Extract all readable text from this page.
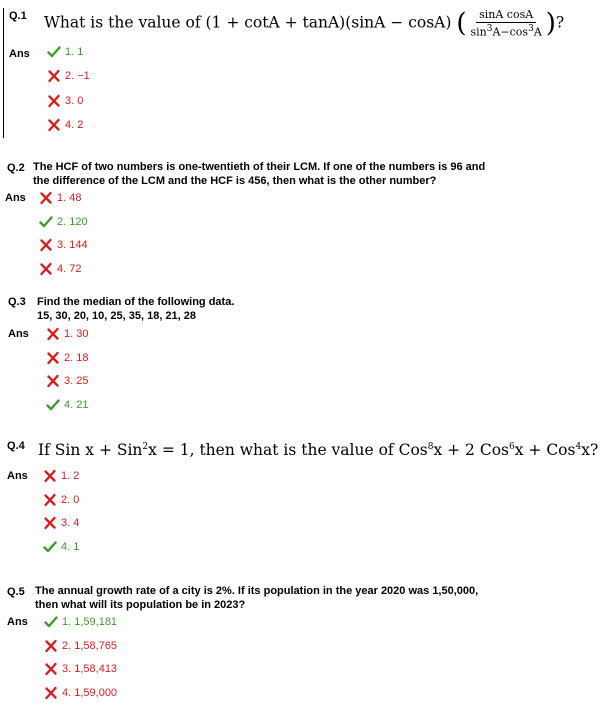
Q.1 What is the value of (1 + cotA + tanA)(sinA − cosA) ( $\frac{\text{sinA cosA}}{\sin^3A-\cos^3A}$ )?
Ans	1. 1
2. −1
3. 0
4. 2
Q.2 The HCF of two numbers is one-twentieth of their LCM. If one of the numbers is 96 and
the difference of the LCM and the HCF is 456, then what is the other number?
Ans	1. 48
2. 120
3. 144
4. 72
Q.3 Find the median of the following data.
15, 30, 20, 10, 25, 35, 18, 21, 28
Ans	1. 30
2. 18
3. 25
4. 21
Q.4 If Sin x + Sin$^2$x = 1, then what is the value of Cos$^8$x + 2 Cos$^6$x + Cos$^4$x?
Ans	1. 2
2. 0
3. 4
4. 1
Q.5 The annual growth rate of a city is 2%. If its population in the year 2020 was 1,50,000,
then what will its population be in 2023?
Ans	1. 1,59,181
2. 1,58,765
3. 1,58,413
4. 1,59,000
